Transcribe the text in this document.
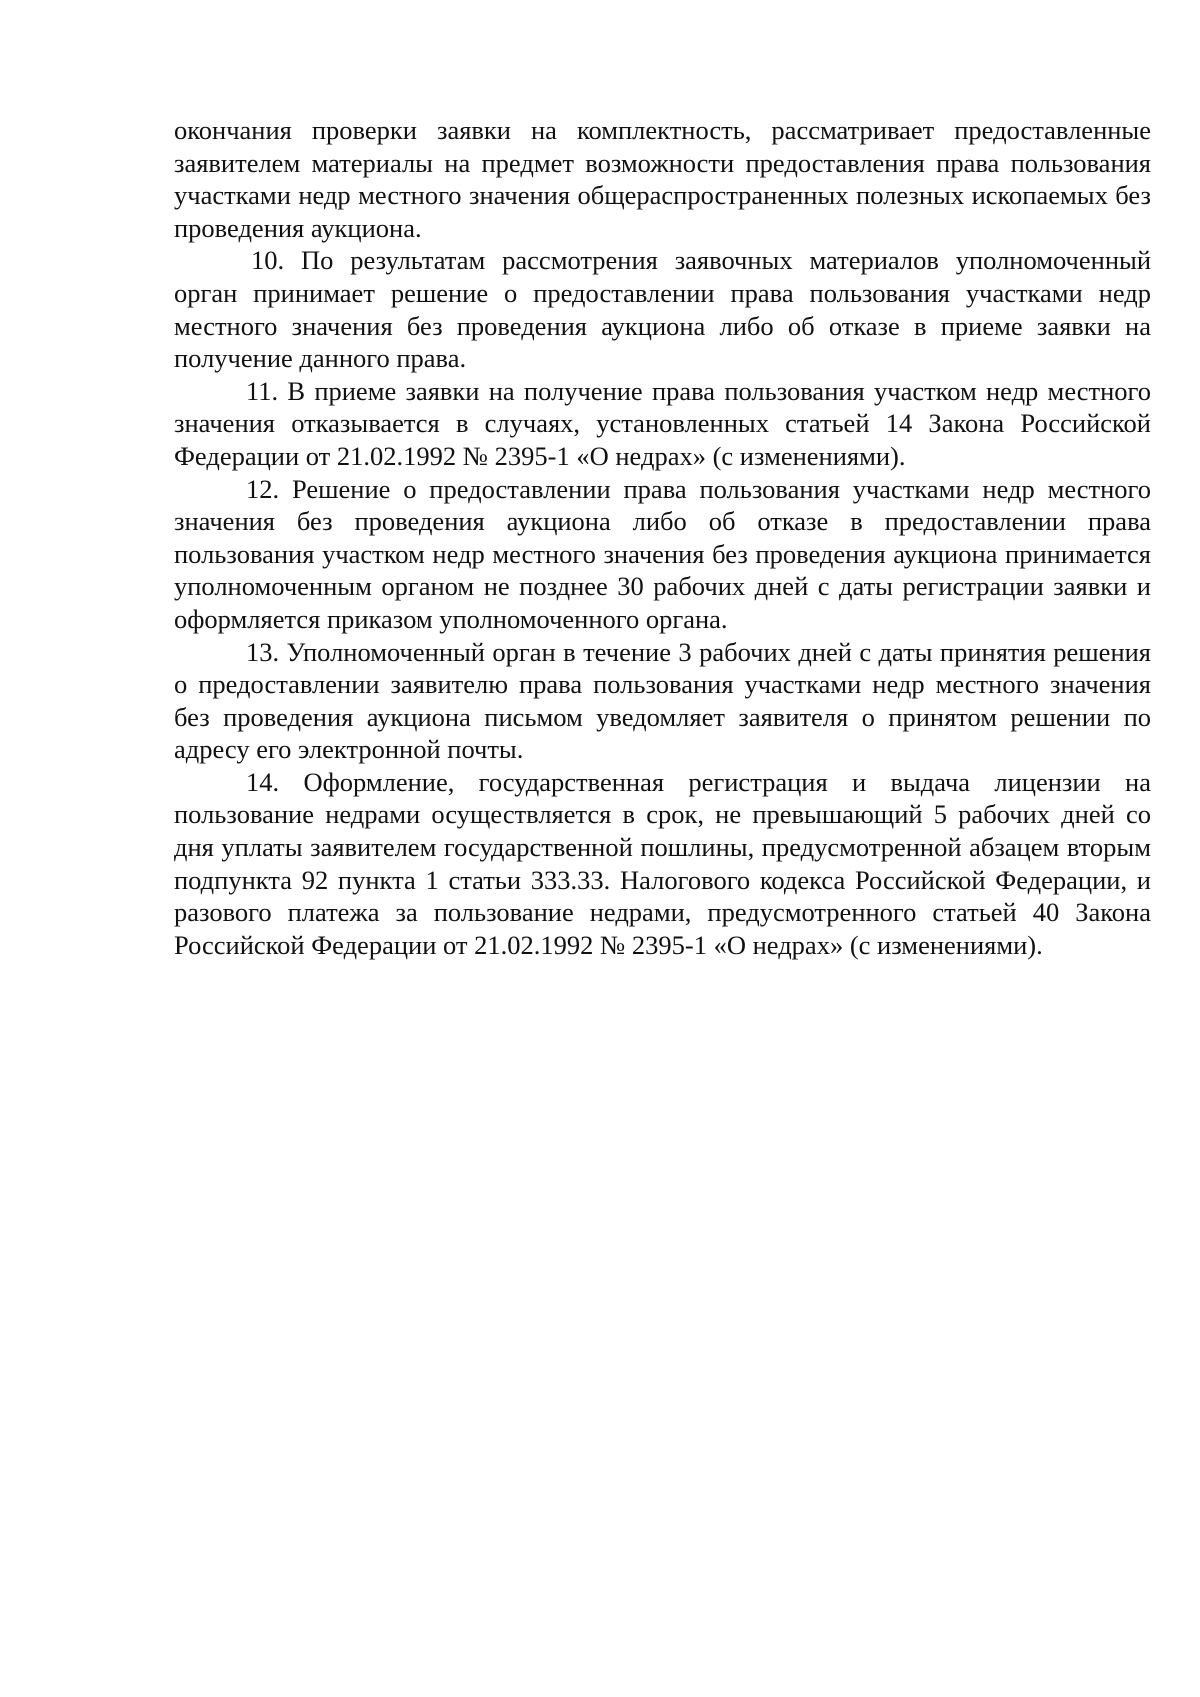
окончания проверки заявки на комплектность, рассматривает предоставленные заявителем материалы на предмет возможности предоставления права пользования участками недр местного значения общераспространенных полезных ископаемых без проведения аукциона.

10. По результатам рассмотрения заявочных материалов уполномоченный орган принимает решение о предоставлении права пользования участками недр местного значения без проведения аукциона либо об отказе в приеме заявки на получение данного права.

11. В приеме заявки на получение права пользования участком недр местного значения отказывается в случаях, установленных статьей 14 Закона Российской Федерации от 21.02.1992 № 2395-1 «О недрах» (с изменениями).

12. Решение о предоставлении права пользования участками недр местного значения без проведения аукциона либо об отказе в предоставлении права пользования участком недр местного значения без проведения аукциона принимается уполномоченным органом не позднее 30 рабочих дней с даты регистрации заявки и оформляется приказом уполномоченного органа.

13. Уполномоченный орган в течение 3 рабочих дней с даты принятия решения о предоставлении заявителю права пользования участками недр местного значения без проведения аукциона письмом уведомляет заявителя о принятом решении по адресу его электронной почты.

14. Оформление, государственная регистрация и выдача лицензии на пользование недрами осуществляется в срок, не превышающий 5 рабочих дней со дня уплаты заявителем государственной пошлины, предусмотренной абзацем вторым подпункта 92 пункта 1 статьи 333.33. Налогового кодекса Российской Федерации, и разового платежа за пользование недрами, предусмотренного статьей 40 Закона Российской Федерации от 21.02.1992 № 2395-1 «О недрах» (с изменениями).
